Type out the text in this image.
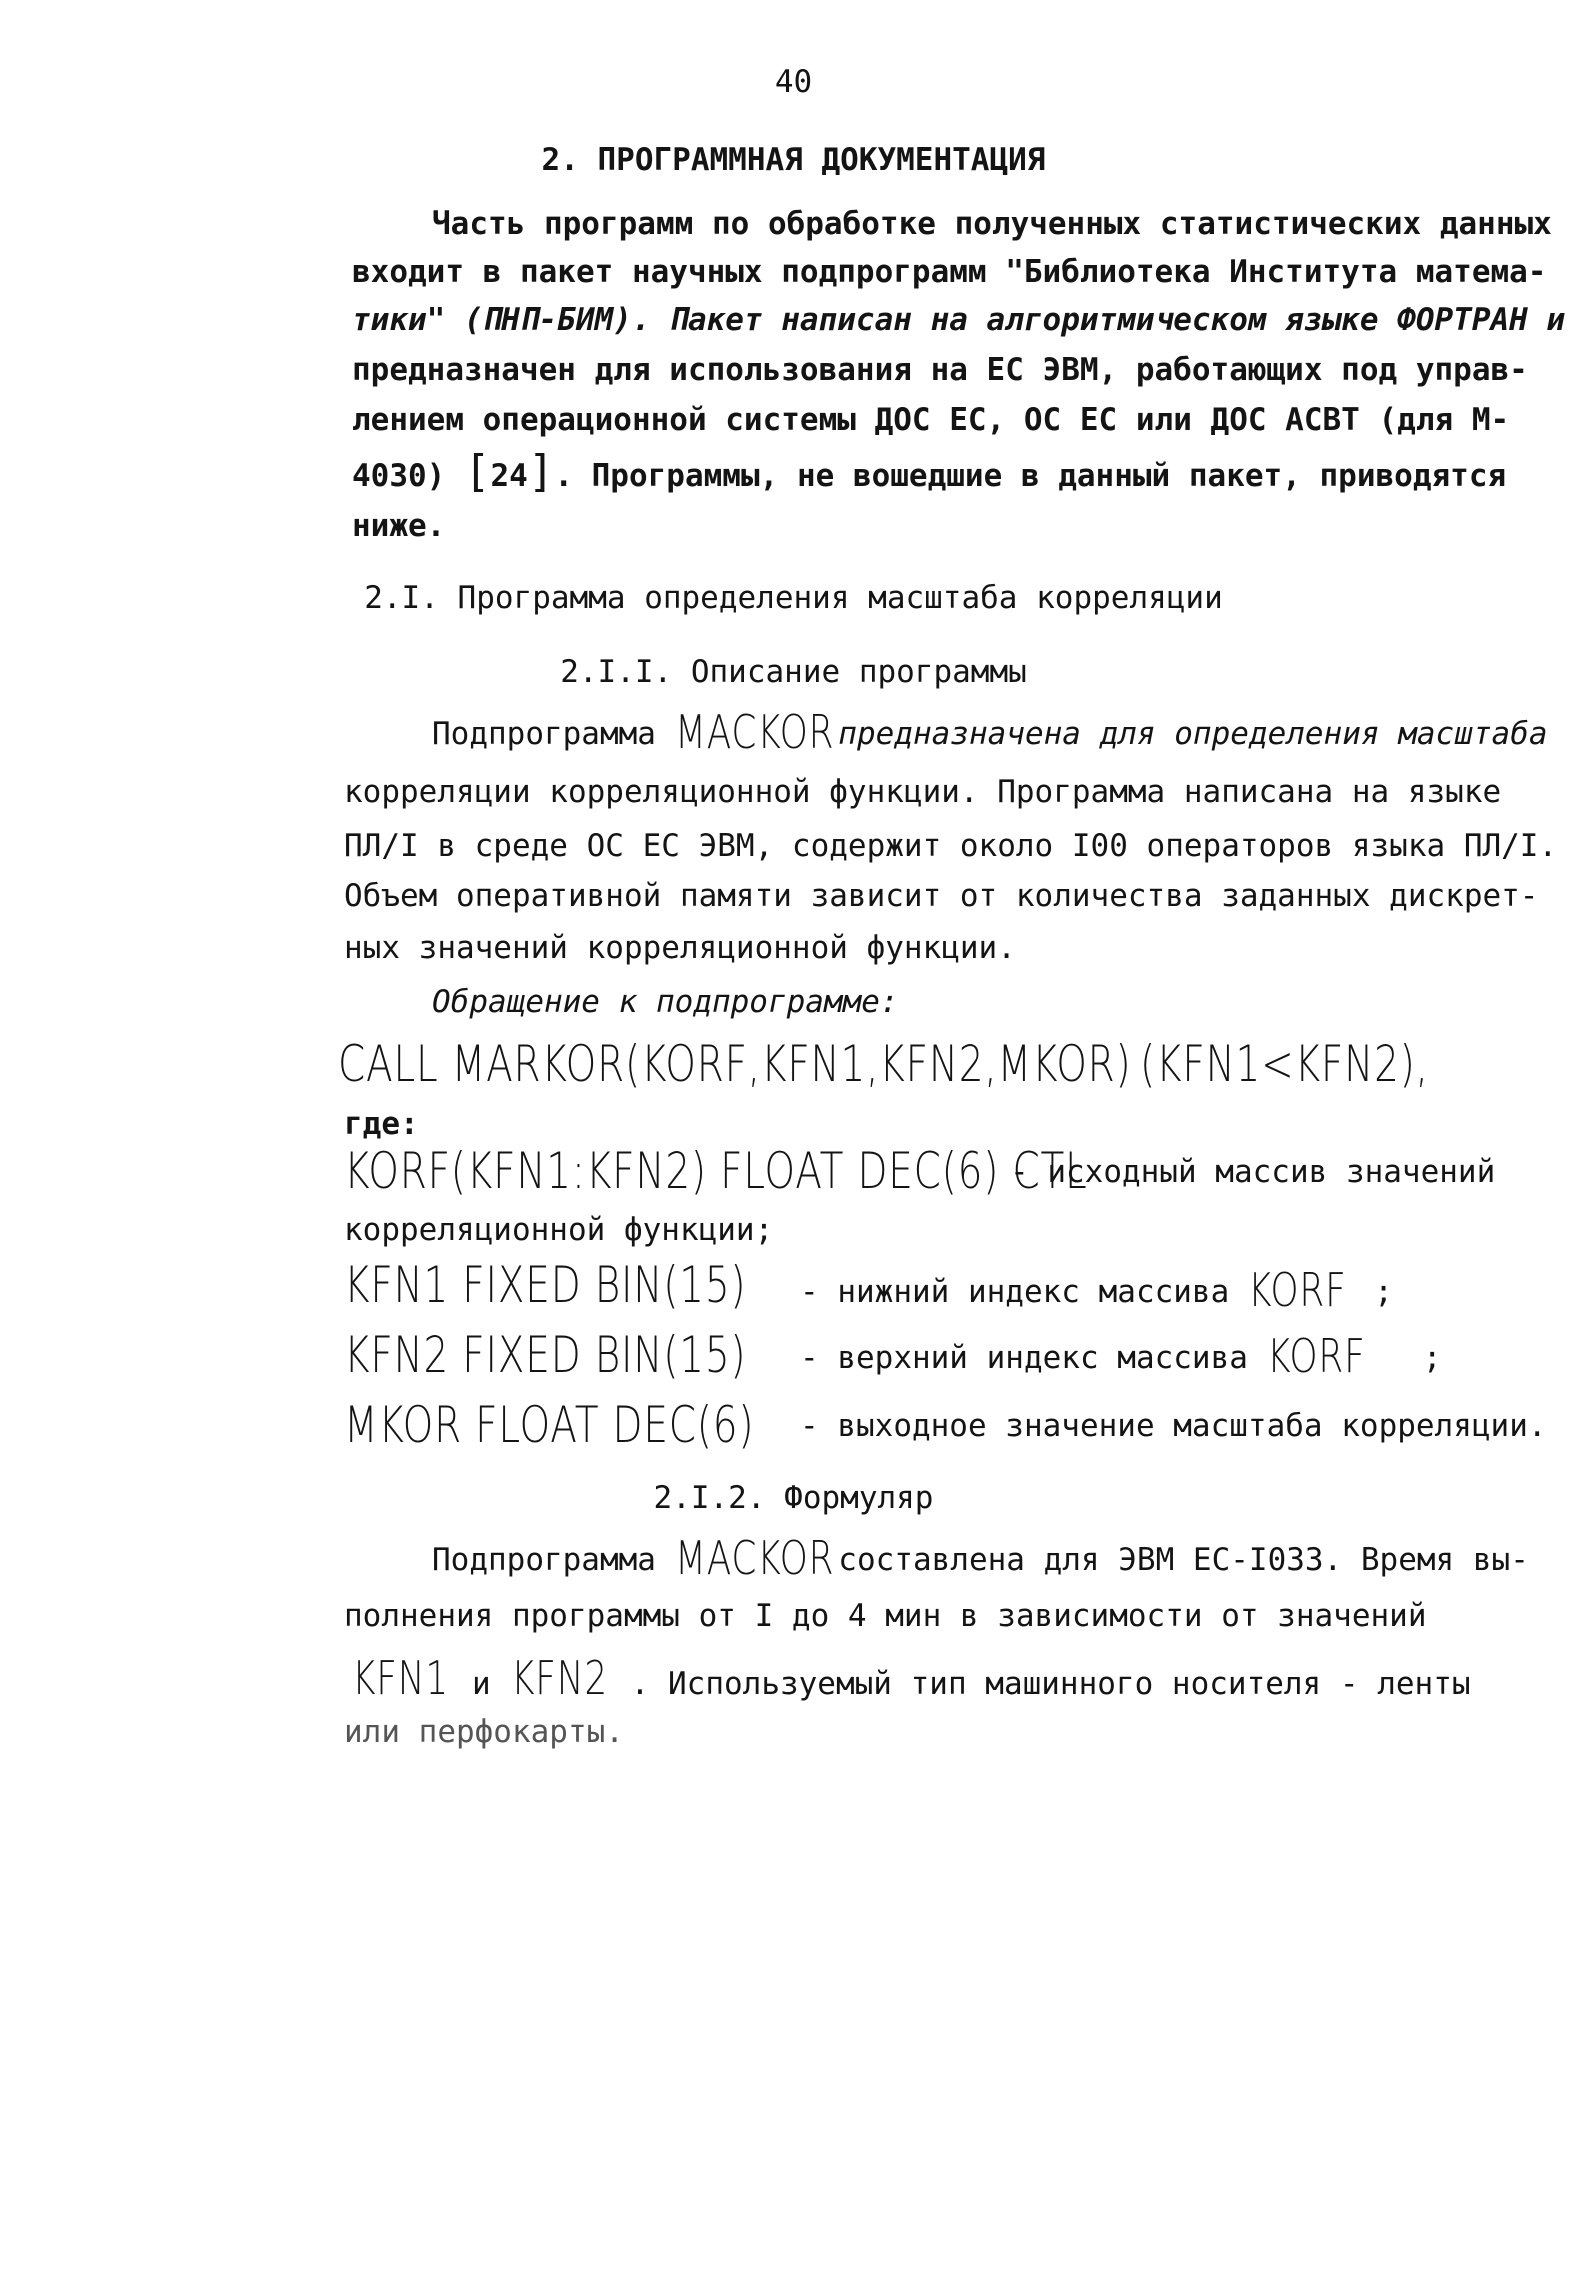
40
2. ПРОГРАММНАЯ ДОКУМЕНТАЦИЯ
Часть программ по обработке полученных статистических данных
входит в пакет научных подпрограмм "Библиотека Института матема-
тики" (ПНП-БИМ). Пакет написан на алгоритмическом языке ФОРТРАН и
предназначен для использования на ЕС ЭВМ, работающих под управ-
лением операционной системы ДОС ЕС, ОС ЕС или ДОС АСВТ (для М-
4030) [24]. Программы, не вошедшие в данный пакет, приводятся
ниже.
2.I. Программа определения масштаба корреляции
2.I.I. Описание программы
Подпрограмма MACKOR предназначена для определения масштаба
корреляции корреляционной функции. Программа написана на языке
ПЛ/I в среде ОС ЕС ЭВМ, содержит около I00 операторов языка ПЛ/I.
Объем оперативной памяти зависит от количества заданных дискрет-
ных значений корреляционной функции.
Обращение к подпрограмме:
CALL MARKOR(KORF,KFN1,KFN2,MKOR) (KFN1<KFN2),
где:
KORF(KFN1:KFN2) FLOAT DEC(6) CTL
- исходный массив значений
корреляционной функции;
KFN1 FIXED BIN(15)	- нижний индекс массива KORF ;
KFN2 FIXED BIN(15)	- верхний индекс массива KORF ;
MKOR FLOAT DEC(6)	- выходное значение масштаба корреляции.
2.I.2. Формуляр
Подпрограмма MACKOR составлена для ЭВМ ЕС-I033. Время вы-
полнения программы от I до 4 мин в зависимости от значений
KFN1 и KFN2 . Используемый тип машинного носителя - ленты
или перфокарты.
